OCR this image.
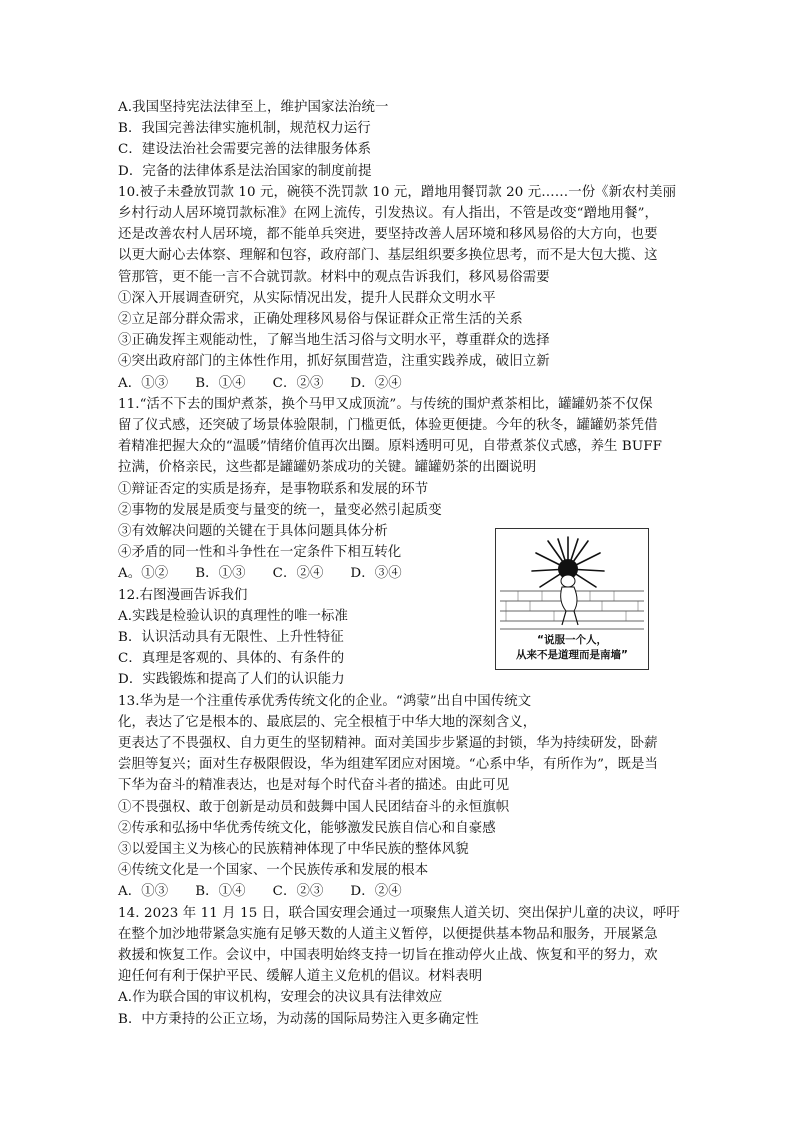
A.我国坚持宪法法律至上，维护国家法治统一
B．我国完善法律实施机制，规范权力运行
C．建设法治社会需要完善的法律服务体系
D．完备的法律体系是法治国家的制度前提
10.被子未叠放罚款 10 元，碗筷不洗罚款 10 元，蹭地用餐罚款 20 元……一份《新农村美丽
乡村行动人居环境罚款标准》在网上流传，引发热议。有人指出，不管是改变“蹭地用餐”，
还是改善农村人居环境，都不能单兵突进，要坚持改善人居环境和移风易俗的大方向，也要
以更大耐心去体察、理解和包容，政府部门、基层组织要多换位思考，而不是大包大揽、这
管那管，更不能一言不合就罚款。材料中的观点告诉我们，移风易俗需要
①深入开展调查研究，从实际情况出发，提升人民群众文明水平
②立足部分群众需求，正确处理移风易俗与保证群众正常生活的关系
③正确发挥主观能动性，了解当地生活习俗与文明水平，尊重群众的选择
④突出政府部门的主体性作用，抓好氛围营造，注重实践养成，破旧立新
A．①③　　B．①④　　C．②③　　D．②④
11.“活不下去的围炉煮茶，换个马甲又成顶流”。与传统的围炉煮茶相比，罐罐奶茶不仅保
留了仪式感，还突破了场景体验限制，门槛更低，体验更便捷。今年的秋冬，罐罐奶茶凭借
着精准把握大众的“温暖”情绪价值再次出圈。原料透明可见，自带煮茶仪式感，养生 BUFF
拉满，价格亲民，这些都是罐罐奶茶成功的关键。罐罐奶茶的出圈说明
①辩证否定的实质是扬弃，是事物联系和发展的环节
②事物的发展是质变与量变的统一，量变必然引起质变
③有效解决问题的关键在于具体问题具体分析
④矛盾的同一性和斗争性在一定条件下相互转化
A。①②　　B．①③　　C．②④　　D．③④
12.右图漫画告诉我们
A.实践是检验认识的真理性的唯一标准
B．认识活动具有无限性、上升性特征
C．真理是客观的、具体的、有条件的
D．实践锻炼和提高了人们的认识能力
13.华为是一个注重传承优秀传统文化的企业。“鸿蒙”出自中国传统文
化，表达了它是根本的、最底层的、完全根植于中华大地的深刻含义，
更表达了不畏强权、自力更生的坚韧精神。面对美国步步紧逼的封锁，华为持续研发，卧薪
尝胆等复兴；面对生存极限假设，华为组建军团应对困境。“心系中华，有所作为”，既是当
下华为奋斗的精准表达，也是对每个时代奋斗者的描述。由此可见
①不畏强权、敢于创新是动员和鼓舞中国人民团结奋斗的永恒旗帜
②传承和弘扬中华优秀传统文化，能够激发民族自信心和自豪感
③以爱国主义为核心的民族精神体现了中华民族的整体风貌
④传统文化是一个国家、一个民族传承和发展的根本
A．①③　　B．①④　　C．②③　　D．②④
14. 2023 年 11 月 15 日，联合国安理会通过一项聚焦人道关切、突出保护儿童的决议，呼吁
在整个加沙地带紧急实施有足够天数的人道主义暂停，以便提供基本物品和服务，开展紧急
救援和恢复工作。会议中，中国表明始终支持一切旨在推动停火止战、恢复和平的努力，欢
迎任何有利于保护平民、缓解人道主义危机的倡议。材料表明
A.作为联合国的审议机构，安理会的决议具有法律效应
B．中方秉持的公正立场，为动荡的国际局势注入更多确定性
“说服一个人，
从来不是道理而是南墙”
